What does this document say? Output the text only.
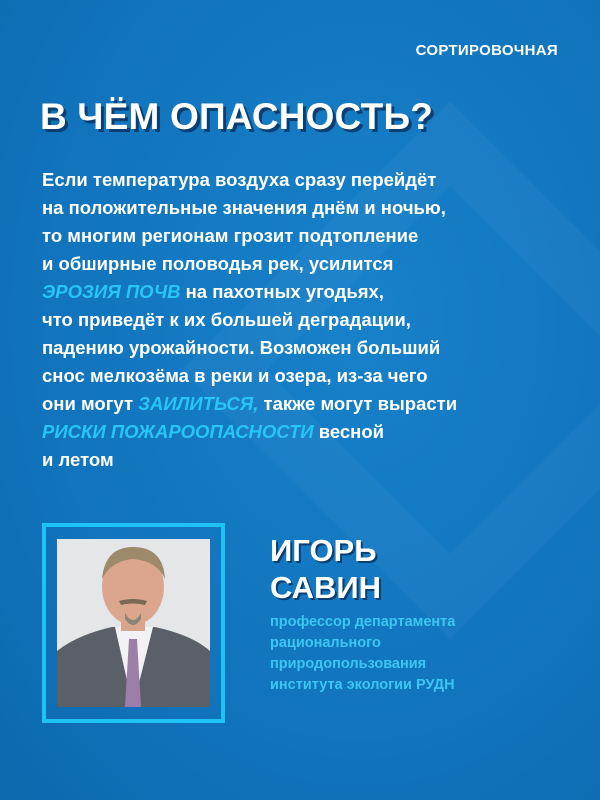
СОРТИРОВОЧНАЯ
В ЧЁМ ОПАСНОСТЬ?
Если температура воздуха сразу перейдёт
на положительные значения днём и ночью,
то многим регионам грозит подтопление
и обширные половодья рек, усилится
ЭРОЗИЯ ПОЧВ на пахотных угодьях,
что приведёт к их большей деградации,
падению урожайности. Возможен больший
снос мелкозёма в реки и озера, из-за чего
они могут ЗАИЛИТЬСЯ, также могут вырасти
РИСКИ ПОЖАРООПАСНОСТИ весной
и летом
ИГОРЬ
САВИН
профессор департамента
рационального
природопользования
института экологии РУДН
